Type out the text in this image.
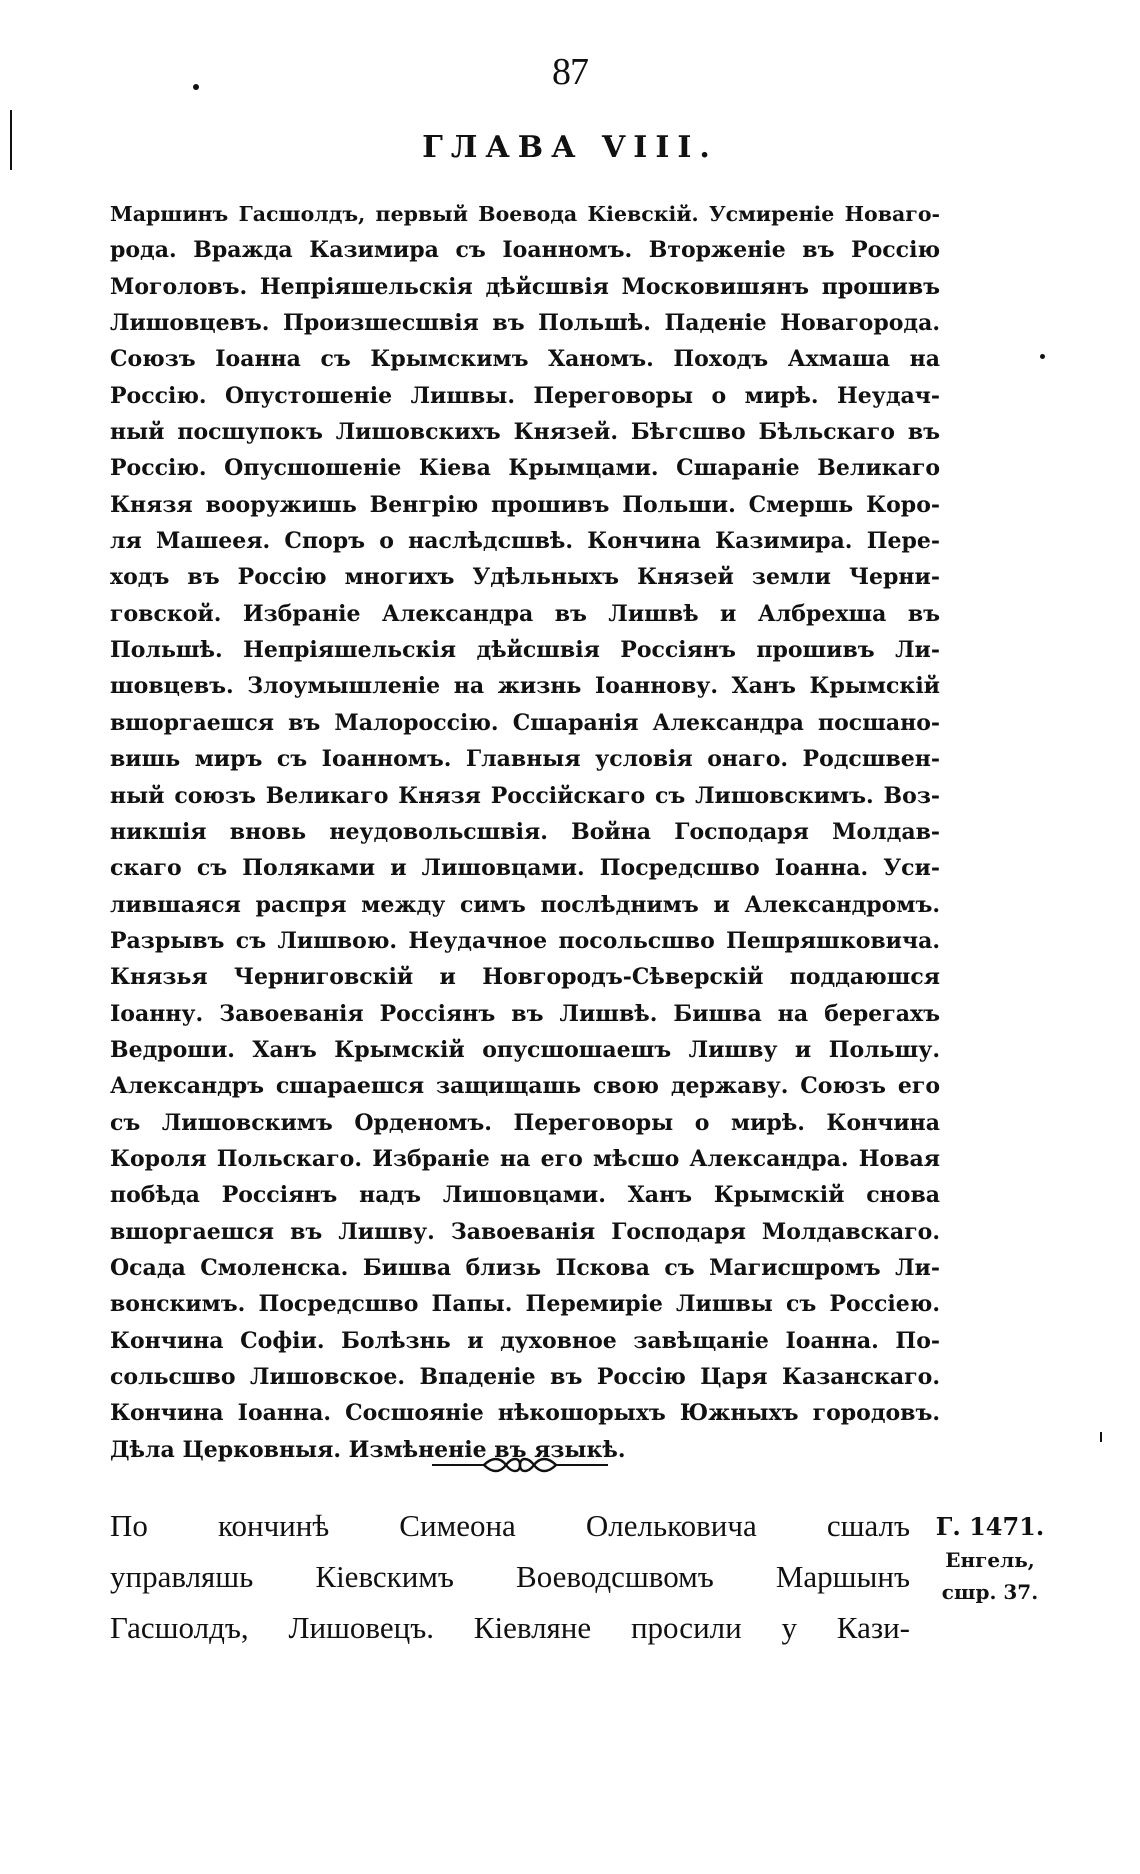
87
ГЛАВА VIII.
Маршинъ Гасшолдъ, первый Воевода Кіевскій. Усмиреніе Новаго-
рода. Вражда Казимира съ Іоанномъ. Вторженіе въ Россію
Моголовъ. Непріяшельскія дѣйсшвія Московишянъ прошивъ
Лишовцевъ. Произшесшвія въ Польшѣ. Паденіе Новагорода.
Союзъ Іоанна съ Крымскимъ Ханомъ. Походъ Ахмаша на
Россію. Опустошеніе Лишвы. Переговоры о мирѣ. Неудач-
ный посшупокъ Лишовскихъ Князей. Бѣгсшво Бѣльскаго въ
Россію. Опусшошеніе Кіева Крымцами. Сшараніе Великаго
Князя вооружишь Венгрію прошивъ Польши. Смершь Коро-
ля Машеея. Споръ о наслѣдсшвѣ. Кончина Казимира. Пере-
ходъ въ Россію многихъ Удѣльныхъ Князей земли Черни-
говской. Избраніе Александра въ Лишвѣ и Албрехша въ
Польшѣ. Непріяшельскія дѣйсшвія Россіянъ прошивъ Ли-
шовцевъ. Злоумышленіе на жизнь Іоаннову. Ханъ Крымскій
вшоргаешся въ Малороссію. Сшаранія Александра посшано-
вишь миръ съ Іоанномъ. Главныя условія онаго. Родсшвен-
ный союзъ Великаго Князя Россійскаго съ Лишовскимъ. Воз-
никшія вновь неудовольсшвія. Война Господаря Молдав-
скаго съ Поляками и Лишовцами. Посредсшво Іоанна. Уси-
лившаяся распря между симъ послѣднимъ и Александромъ.
Разрывъ съ Лишвою. Неудачное посольсшво Пешряшковича.
Князья Черниговскій и Новгородъ-Сѣверскій поддаюшся
Іоанну. Завоеванія Россіянъ въ Лишвѣ. Бишва на берегахъ
Ведроши. Ханъ Крымскій опусшошаешъ Лишву и Польшу.
Александръ сшараешся защищашь свою державу. Союзъ его
съ Лишовскимъ Орденомъ. Переговоры о мирѣ. Кончина
Короля Польскаго. Избраніе на его мѣсшо Александра. Новая
побѣда Россіянъ надъ Лишовцами. Ханъ Крымскій снова
вшоргаешся въ Лишву. Завоеванія Господаря Молдавскаго.
Осада Смоленска. Бишва близь Пскова съ Магисшромъ Ли-
вонскимъ. Посредсшво Папы. Перемиріе Лишвы съ Россіею.
Кончина Софіи. Болѣзнь и духовное завѣщаніе Іоанна. По-
сольсшво Лишовское. Впаденіе въ Россію Царя Казанскаго.
Кончина Іоанна. Сосшояніе нѣкошорыхъ Южныхъ городовъ.
Дѣла Церковныя. Измѣненіе въ языкѣ.
По кончинѣ Симеона Олельковича сшалъ
управляшь Кіевскимъ Воеводсшвомъ Маршынъ
Гасшолдъ, Лишовецъ. Кіевляне просили у Кази-
Г. 1471.
Енгель,
сшр. 37.
